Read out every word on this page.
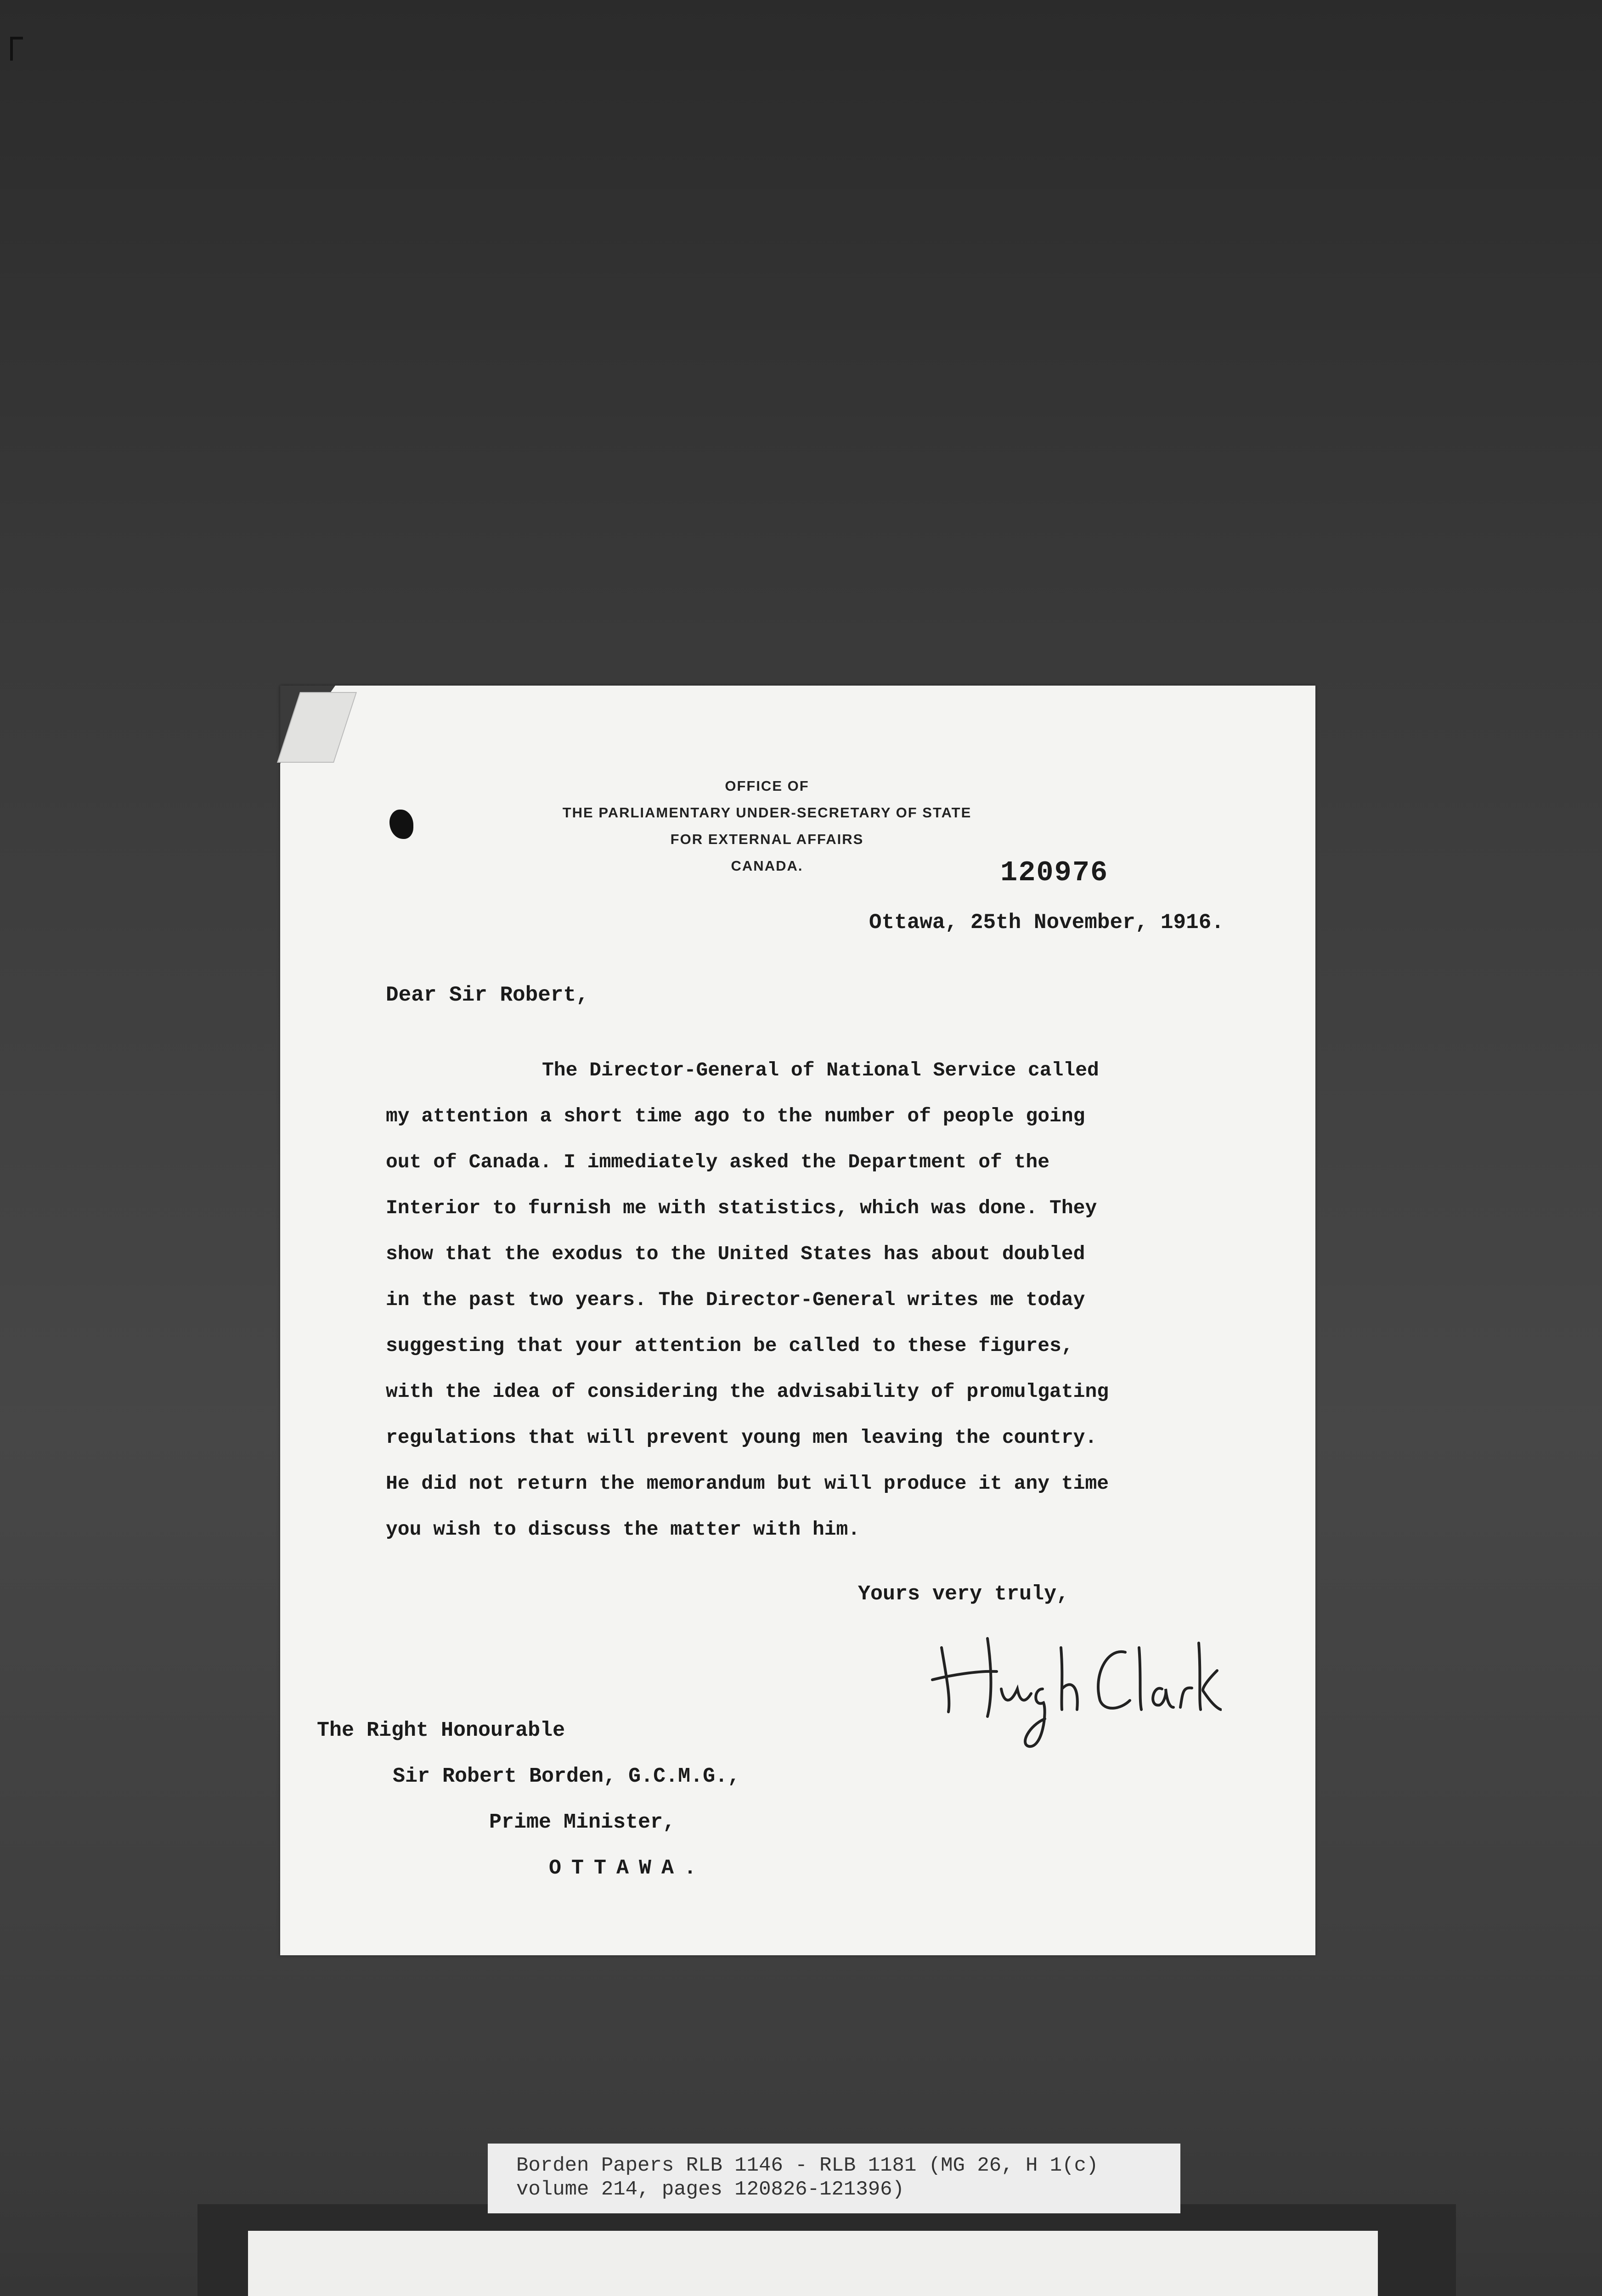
OFFICE OF
THE PARLIAMENTARY UNDER-SECRETARY OF STATE
FOR EXTERNAL AFFAIRS
CANADA.	120976
Ottawa, 25th November, 1916.
Dear Sir Robert,
The Director-General of National Service called
my attention a short time ago to the number of people going
out of Canada. I immediately asked the Department of the
Interior to furnish me with statistics, which was done. They
show that the exodus to the United States has about doubled
in the past two years. The Director-General writes me today
suggesting that your attention be called to these figures,
with the idea of considering the advisability of promulgating
regulations that will prevent young men leaving the country.
He did not return the memorandum but will produce it any time
you wish to discuss the matter with him.
Yours very truly,
The Right Honourable
Sir Robert Borden, G.C.M.G.,
Prime Minister,
OTTAWA.
Borden Papers RLB 1146 - RLB 1181 (MG 26, H 1(c)
volume 214, pages 120826-121396)
